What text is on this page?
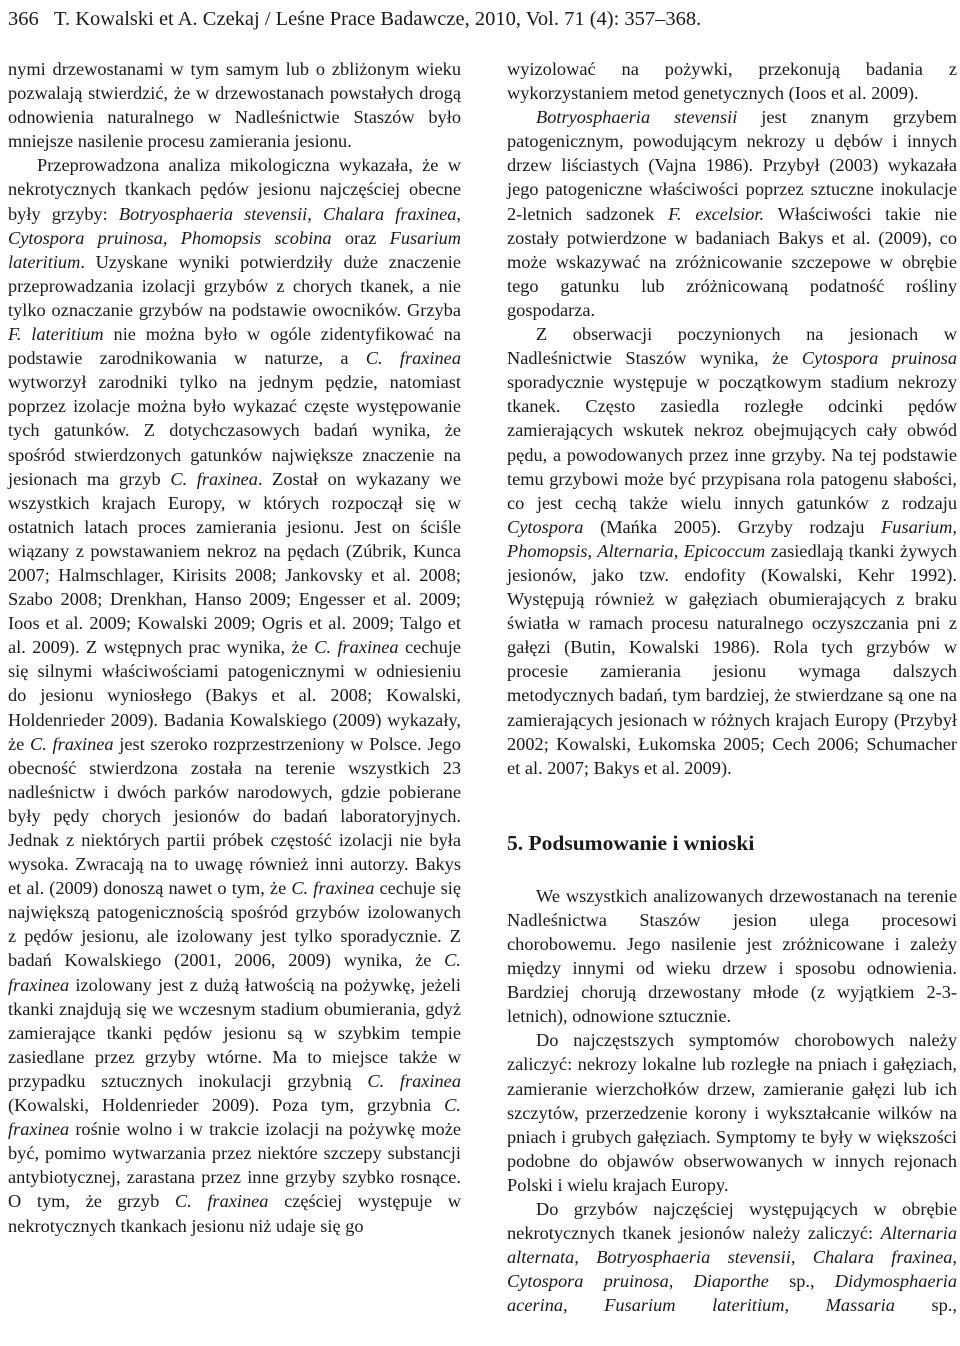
366 T. Kowalski et A. Czekaj / Leśne Prace Badawcze, 2010, Vol. 71 (4): 357–368.

nymi drzewostanami w tym samym lub o zbliżonym wieku pozwalają stwierdzić, że w drzewostanach powstałych drogą odnowienia naturalnego w Nadleśnictwie Staszów było mniejsze nasilenie procesu zamierania jesionu.

Przeprowadzona analiza mikologiczna wykazała, że w nekrotycznych tkankach pędów jesionu najczęściej obecne były grzyby: Botryosphaeria stevensii, Chalara fraxinea, Cytospora pruinosa, Phomopsis scobina oraz Fusarium lateritium. Uzyskane wyniki potwierdziły duże znaczenie przeprowadzania izolacji grzybów z chorych tkanek, a nie tylko oznaczanie grzybów na podstawie owocników. Grzyba F. lateritium nie można było w ogóle zidentyfikować na podstawie zarodnikowania w naturze, a C. fraxinea wytworzył zarodniki tylko na jednym pędzie, natomiast poprzez izolacje można było wykazać częste występowanie tych gatunków. Z dotychczasowych badań wynika, że spośród stwierdzonych gatunków największe znaczenie na jesionach ma grzyb C. fraxinea. Został on wykazany we wszystkich krajach Europy, w których rozpoczął się w ostatnich latach proces zamierania jesionu. Jest on ściśle wiązany z powstawaniem nekroz na pędach (Zúbrik, Kunca 2007; Halmschlager, Kirisits 2008; Jankovsky et al. 2008; Szabo 2008; Drenkhan, Hanso 2009; Engesser et al. 2009; Ioos et al. 2009; Kowalski 2009; Ogris et al. 2009; Talgo et al. 2009). Z wstępnych prac wynika, że C. fraxinea cechuje się silnymi właściwościami patogenicznymi w odniesieniu do jesionu wyniosłego (Bakys et al. 2008; Kowalski, Holdenrieder 2009). Badania Kowalskiego (2009) wykazały, że C. fraxinea jest szeroko rozprzestrzeniony w Polsce. Jego obecność stwierdzona została na terenie wszystkich 23 nadleśnictw i dwóch parków narodowych, gdzie pobierane były pędy chorych jesionów do badań laboratoryjnych. Jednak z niektórych partii próbek częstość izolacji nie była wysoka. Zwracają na to uwagę również inni autorzy. Bakys et al. (2009) donoszą nawet o tym, że C. fraxinea cechuje się największą patogenicznością spośród grzybów izolowanych z pędów jesionu, ale izolowany jest tylko sporadycznie. Z badań Kowalskiego (2001, 2006, 2009) wynika, że C. fraxinea izolowany jest z dużą łatwością na pożywkę, jeżeli tkanki znajdują się we wczesnym stadium obumierania, gdyż zamierające tkanki pędów jesionu są w szybkim tempie zasiedlane przez grzyby wtórne. Ma to miejsce także w przypadku sztucznych inokulacji grzybnią C. fraxinea (Kowalski, Holdenrieder 2009). Poza tym, grzybnia C. fraxinea rośnie wolno i w trakcie izolacji na pożywkę może być, pomimo wytwarzania przez niektóre szczepy substancji antybiotycznej, zarastana przez inne grzyby szybko rosnące. O tym, że grzyb C. fraxinea częściej występuje w nekrotycznych tkankach jesionu niż udaje się go

wyizolować na pożywki, przekonują badania z wykorzystaniem metod genetycznych (Ioos et al. 2009).

Botryosphaeria stevensii jest znanym grzybem patogenicznym, powodującym nekrozy u dębów i innych drzew liściastych (Vajna 1986). Przybył (2003) wykazała jego patogeniczne właściwości poprzez sztuczne inokulacje 2-letnich sadzonek F. excelsior. Właściwości takie nie zostały potwierdzone w badaniach Bakys et al. (2009), co może wskazywać na zróżnicowanie szczepowe w obrębie tego gatunku lub zróżnicowaną podatność rośliny gospodarza.

Z obserwacji poczynionych na jesionach w Nadleśnictwie Staszów wynika, że Cytospora pruinosa sporadycznie występuje w początkowym stadium nekrozy tkanek. Często zasiedla rozległe odcinki pędów zamierających wskutek nekroz obejmujących cały obwód pędu, a powodowanych przez inne grzyby. Na tej podstawie temu grzybowi może być przypisana rola patogenu słabości, co jest cechą także wielu innych gatunków z rodzaju Cytospora (Mańka 2005). Grzyby rodzaju Fusarium, Phomopsis, Alternaria, Epicoccum zasiedlają tkanki żywych jesionów, jako tzw. endofity (Kowalski, Kehr 1992). Występują również w gałęziach obumierających z braku światła w ramach procesu naturalnego oczyszczania pni z gałęzi (Butin, Kowalski 1986). Rola tych grzybów w procesie zamierania jesionu wymaga dalszych metodycznych badań, tym bardziej, że stwierdzane są one na zamierających jesionach w różnych krajach Europy (Przybył 2002; Kowalski, Łukomska 2005; Cech 2006; Schumacher et al. 2007; Bakys et al. 2009).

5. Podsumowanie i wnioski

We wszystkich analizowanych drzewostanach na terenie Nadleśnictwa Staszów jesion ulega procesowi chorobowemu. Jego nasilenie jest zróżnicowane i zależy między innymi od wieku drzew i sposobu odnowienia. Bardziej chorują drzewostany młode (z wyjątkiem 2-3-letnich), odnowione sztucznie.

Do najczęstszych symptomów chorobowych należy zaliczyć: nekrozy lokalne lub rozległe na pniach i gałęziach, zamieranie wierzchołków drzew, zamieranie gałęzi lub ich szczytów, przerzedzenie korony i wykształcanie wilków na pniach i grubych gałęziach. Symptomy te były w większości podobne do objawów obserwowanych w innych rejonach Polski i wielu krajach Europy.

Do grzybów najczęściej występujących w obrębie nekrotycznych tkanek jesionów należy zaliczyć: Alternaria alternata, Botryosphaeria stevensii, Chalara fraxinea, Cytospora pruinosa, Diaporthe sp., Didymosphaeria acerina, Fusarium lateritium, Massaria sp.,
